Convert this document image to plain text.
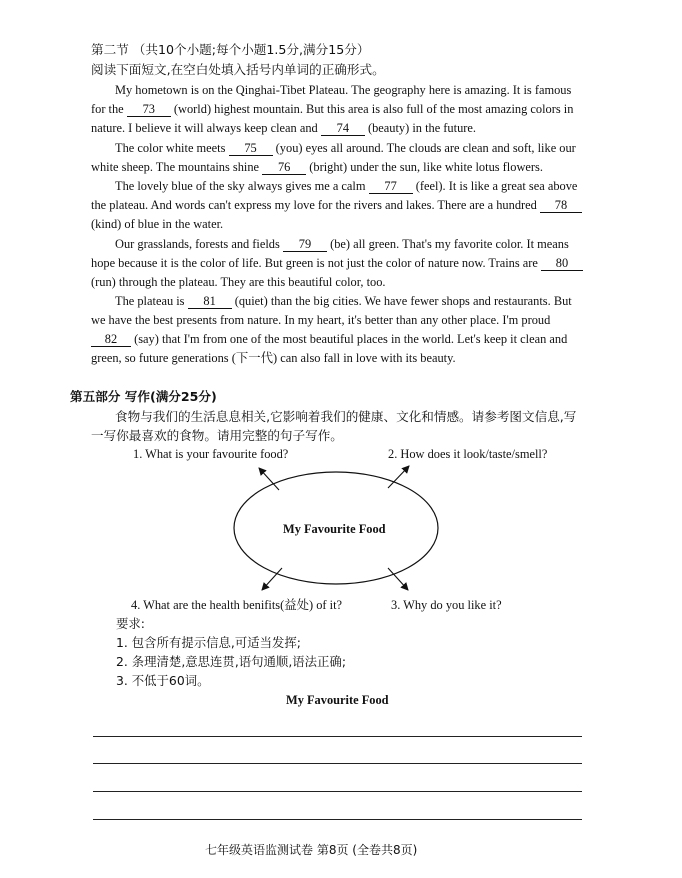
第二节 （共10个小题;每个小题1.5分,满分15分）
阅读下面短文,在空白处填入括号内单词的正确形式。
My hometown is on the Qinghai-Tibet Plateau. The geography here is amazing. It is famous
for the 73 (world) highest mountain. But this area is also full of the most amazing colors in
nature. I believe it will always keep clean and 74 (beauty) in the future.
The color white meets 75 (you) eyes all around. The clouds are clean and soft, like our
white sheep. The mountains shine 76 (bright) under the sun, like white lotus flowers.
The lovely blue of the sky always gives me a calm 77 (feel). It is like a great sea above
the plateau. And words can't express my love for the rivers and lakes. There are a hundred 78
(kind) of blue in the water.
Our grasslands, forests and fields 79 (be) all green. That's my favorite color. It means
hope because it is the color of life. But green is not just the color of nature now. Trains are 80
(run) through the plateau. They are this beautiful color, too.
The plateau is 81 (quiet) than the big cities. We have fewer shops and restaurants. But
we have the best presents from nature. In my heart, it's better than any other place. I'm proud
82 (say) that I'm from one of the most beautiful places in the world. Let's keep it clean and
green, so future generations (下一代) can also fall in love with its beauty.
第五部分 写作(满分25分)
食物与我们的生活息息相关,它影响着我们的健康、文化和情感。请参考图文信息,写
一写你最喜欢的食物。请用完整的句子写作。
My Favourite Food
1. What is your favourite food?	2. How does it look/taste/smell?
4. What are the health benifits(益处) of it?	3. Why do you like it?
要求:
1. 包含所有提示信息,可适当发挥;
2. 条理清楚,意思连贯,语句通顺,语法正确;
3. 不低于60词。
My Favourite Food
七年级英语监测试卷 第8页 (全卷共8页)
